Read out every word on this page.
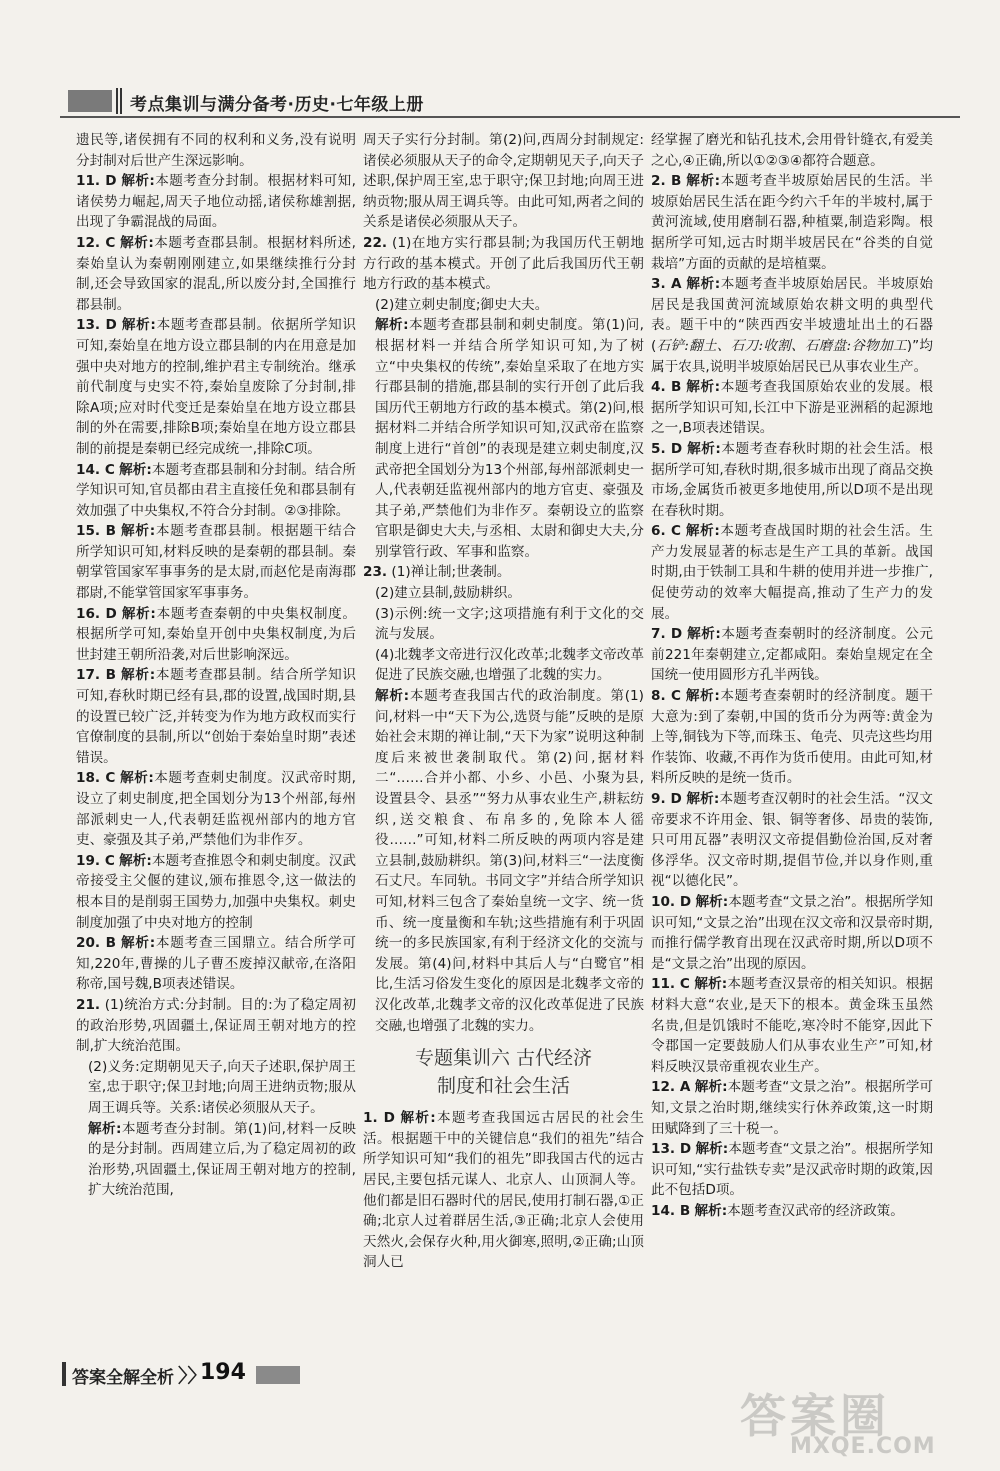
考点集训与满分备考·历史·七年级上册

遗民等,诸侯拥有不同的权利和义务,没有说明分封制对后世产生深远影响。

11. D 解析:本题考查分封制。根据材料可知,诸侯势力崛起,周天子地位动摇,诸侯称雄割据,出现了争霸混战的局面。

12. C 解析:本题考查郡县制。根据材料所述,秦始皇认为秦朝刚刚建立,如果继续推行分封制,还会导致国家的混乱,所以废分封,全国推行郡县制。

13. D 解析:本题考查郡县制。依据所学知识可知,秦始皇在地方设立郡县制的内在用意是加强中央对地方的控制,维护君主专制统治。继承前代制度与史实不符,秦始皇废除了分封制,排除A项;应对时代变迁是秦始皇在地方设立郡县制的外在需要,排除B项;秦始皇在地方设立郡县制的前提是秦朝已经完成统一,排除C项。

14. C 解析:本题考查郡县制和分封制。结合所学知识可知,官员都由君主直接任免和郡县制有效加强了中央集权,不符合分封制。②③排除。

15. B 解析:本题考查郡县制。根据题干结合所学知识可知,材料反映的是秦朝的郡县制。秦朝掌管国家军事事务的是太尉,而赵佗是南海郡郡尉,不能掌管国家军事事务。

16. D 解析:本题考查秦朝的中央集权制度。根据所学可知,秦始皇开创中央集权制度,为后世封建王朝所沿袭,对后世影响深远。

17. B 解析:本题考查郡县制。结合所学知识可知,春秋时期已经有县,郡的设置,战国时期,县的设置已较广泛,并转变为作为地方政权而实行官僚制度的县制,所以“创始于秦始皇时期”表述错误。

18. C 解析:本题考查刺史制度。汉武帝时期,设立了刺史制度,把全国划分为13个州部,每州部派刺史一人,代表朝廷监视州部内的地方官吏、豪强及其子弟,严禁他们为非作歹。

19. C 解析:本题考查推恩令和刺史制度。汉武帝接受主父偃的建议,颁布推恩令,这一做法的根本目的是削弱王国势力,加强中央集权。刺史制度加强了中央对地方的控制

20. B 解析:本题考查三国鼎立。结合所学可知,220年,曹操的儿子曹丕废掉汉献帝,在洛阳称帝,国号魏,B项表述错误。

21. (1)统治方式:分封制。目的:为了稳定周初的政治形势,巩固疆土,保证周王朝对地方的控制,扩大统治范围。

(2)义务:定期朝见天子,向天子述职,保护周王室,忠于职守;保卫封地;向周王进纳贡物;服从周王调兵等。关系:诸侯必须服从天子。

解析:本题考查分封制。第(1)问,材料一反映的是分封制。西周建立后,为了稳定周初的政治形势,巩固疆土,保证周王朝对地方的控制,扩大统治范围,

周天子实行分封制。第(2)问,西周分封制规定:诸侯必须服从天子的命令,定期朝见天子,向天子述职,保护周王室,忠于职守;保卫封地;向周王进纳贡物;服从周王调兵等。由此可知,两者之间的关系是诸侯必须服从天子。

22. (1)在地方实行郡县制;为我国历代王朝地方行政的基本模式。开创了此后我国历代王朝地方行政的基本模式。

(2)建立刺史制度;御史大夫。

解析:本题考查郡县制和刺史制度。第(1)问,根据材料一并结合所学知识可知,为了树立“中央集权的传统”,秦始皇采取了在地方实行郡县制的措施,郡县制的实行开创了此后我国历代王朝地方行政的基本模式。第(2)问,根据材料二并结合所学知识可知,汉武帝在监察制度上进行“首创”的表现是建立刺史制度,汉武帝把全国划分为13个州部,每州部派刺史一人,代表朝廷监视州部内的地方官吏、豪强及其子弟,严禁他们为非作歹。秦朝设立的监察官职是御史大夫,与丞相、太尉和御史大夫,分别掌管行政、军事和监察。

23. (1)禅让制;世袭制。

(2)建立县制,鼓励耕织。

(3)示例:统一文字;这项措施有利于文化的交流与发展。

(4)北魏孝文帝进行汉化改革;北魏孝文帝改革促进了民族交融,也增强了北魏的实力。

解析:本题考查我国古代的政治制度。第(1)问,材料一中“天下为公,选贤与能”反映的是原始社会末期的禅让制,“天下为家”说明这种制度后来被世袭制取代。第(2)问,据材料二“……合并小都、小乡、小邑、小聚为县,设置县令、县丞”“努力从事农业生产,耕耘纺织,送交粮食、布帛多的,免除本人徭役……”可知,材料二所反映的两项内容是建立县制,鼓励耕织。第(3)问,材料三“一法度衡石丈尺。车同轨。书同文字”并结合所学知识可知,材料三包含了秦始皇统一文字、统一货币、统一度量衡和车轨;这些措施有利于巩固统一的多民族国家,有利于经济文化的交流与发展。第(4)问,材料中其后人与“白鹭官”相比,生活习俗发生变化的原因是北魏孝文帝的汉化改革,北魏孝文帝的汉化改革促进了民族交融,也增强了北魏的实力。

专题集训六 古代经济
制度和社会生活

1. D 解析:本题考查我国远古居民的社会生活。根据题干中的关键信息“我们的祖先”结合所学知识可知“我们的祖先”即我国古代的远古居民,主要包括元谋人、北京人、山顶洞人等。他们都是旧石器时代的居民,使用打制石器,①正确;北京人过着群居生活,③正确;北京人会使用天然火,会保存火种,用火御寒,照明,②正确;山顶洞人已

经掌握了磨光和钻孔技术,会用骨针缝衣,有爱美之心,④正确,所以①②③④都符合题意。

2. B 解析:本题考查半坡原始居民的生活。半坡原始居民生活在距今约六千年的半坡村,属于黄河流域,使用磨制石器,种植粟,制造彩陶。根据所学可知,远古时期半坡居民在“谷类的自觉栽培”方面的贡献的是培植粟。

3. A 解析:本题考查半坡原始居民。半坡原始居民是我国黄河流域原始农耕文明的典型代表。题干中的“陕西西安半坡遗址出土的石器(石铲:翻土、石刀:收割、石磨盘:谷物加工)”均属于农具,说明半坡原始居民已从事农业生产。

4. B 解析:本题考查我国原始农业的发展。根据所学知识可知,长江中下游是亚洲稻的起源地之一,B项表述错误。

5. D 解析:本题考查春秋时期的社会生活。根据所学可知,春秋时期,很多城市出现了商品交换市场,金属货币被更多地使用,所以D项不是出现在春秋时期。

6. C 解析:本题考查战国时期的社会生活。生产力发展显著的标志是生产工具的革新。战国时期,由于铁制工具和牛耕的使用并进一步推广,促使劳动的效率大幅提高,推动了生产力的发展。

7. D 解析:本题考查秦朝时的经济制度。公元前221年秦朝建立,定都咸阳。秦始皇规定在全国统一使用圆形方孔半两钱。

8. C 解析:本题考查秦朝时的经济制度。题干大意为:到了秦朝,中国的货币分为两等:黄金为上等,铜钱为下等,而珠玉、龟壳、贝壳这些均用作装饰、收藏,不再作为货币使用。由此可知,材料所反映的是统一货币。

9. D 解析:本题考查汉朝时的社会生活。“汉文帝要求不许用金、银、铜等奢侈、昂贵的装饰,只可用瓦器”表明汉文帝提倡勤俭治国,反对奢侈浮华。汉文帝时期,提倡节俭,并以身作则,重视“以德化民”。

10. D 解析:本题考查“文景之治”。根据所学知识可知,“文景之治”出现在汉文帝和汉景帝时期,而推行儒学教育出现在汉武帝时期,所以D项不是“文景之治”出现的原因。

11. C 解析:本题考查汉景帝的相关知识。根据材料大意“农业,是天下的根本。黄金珠玉虽然名贵,但是饥饿时不能吃,寒冷时不能穿,因此下令郡国一定要鼓励人们从事农业生产”可知,材料反映汉景帝重视农业生产。

12. A 解析:本题考查“文景之治”。根据所学可知,文景之治时期,继续实行休养政策,这一时期田赋降到了三十税一。

13. D 解析:本题考查“文景之治”。根据所学知识可知,“实行盐铁专卖”是汉武帝时期的政策,因此不包括D项。

14. B 解析:本题考查汉武帝的经济政策。

答案全解全析 〉〉
194
答案圈
MXQE.COM
